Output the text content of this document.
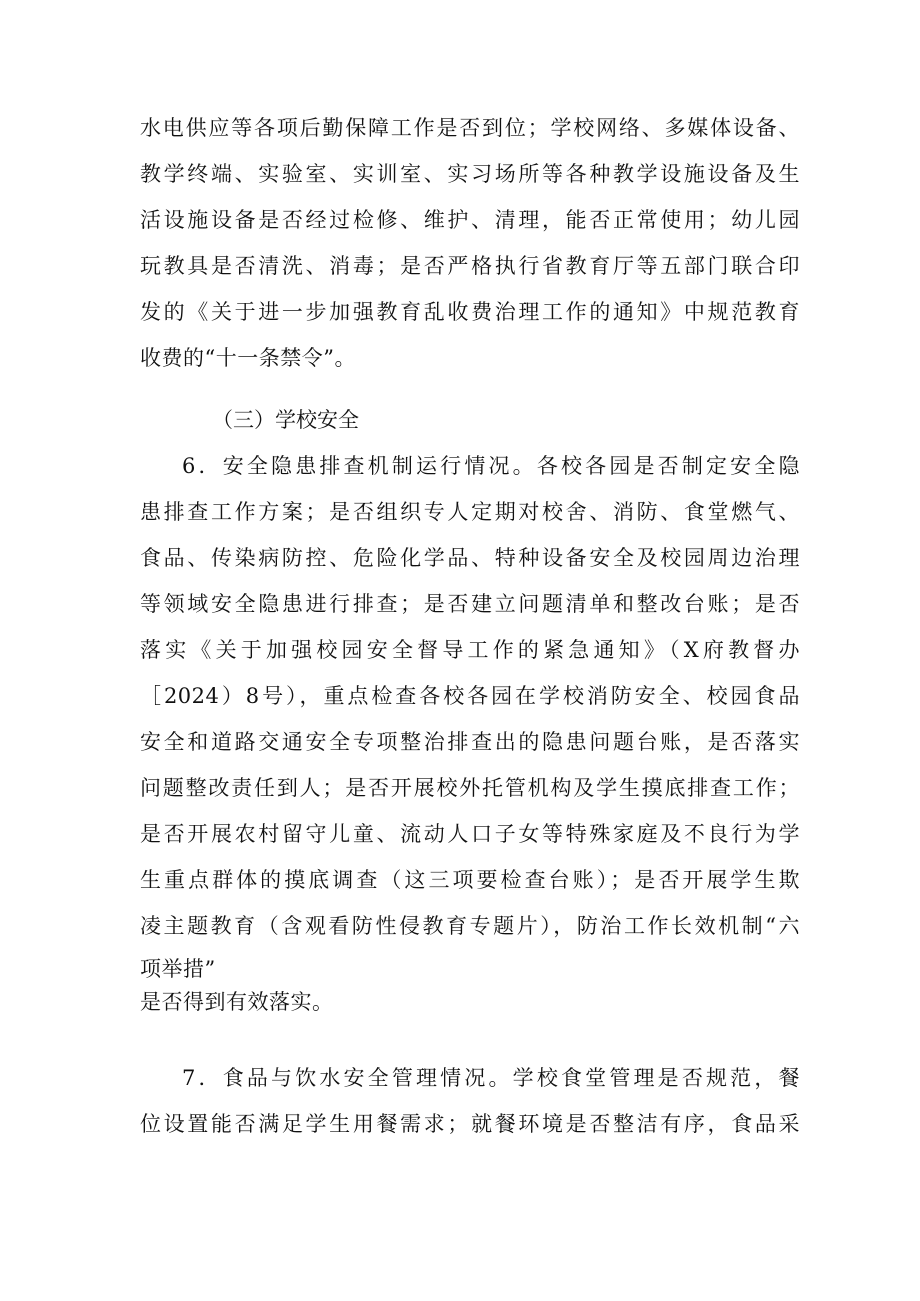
水电供应等各项后勤保障工作是否到位；学校网络、多媒体设备、
教学终端、实验室、实训室、实习场所等各种教学设施设备及生
活设施设备是否经过检修、维护、清理，能否正常使用；幼儿园
玩教具是否清洗、消毒；是否严格执行省教育厅等五部门联合印
发的《关于进一步加强教育乱收费治理工作的通知》中规范教育
收费的“十一条禁令”。
（三）学校安全
6．安全隐患排查机制运行情况。各校各园是否制定安全隐
患排查工作方案；是否组织专人定期对校舍、消防、食堂燃气、
食品、传染病防控、危险化学品、特种设备安全及校园周边治理
等领域安全隐患进行排查；是否建立问题清单和整改台账；是否
落实《关于加强校园安全督导工作的紧急通知》（X府教督办
［2024）8号），重点检查各校各园在学校消防安全、校园食品
安全和道路交通安全专项整治排查出的隐患问题台账，是否落实
问题整改责任到人；是否开展校外托管机构及学生摸底排查工作；
是否开展农村留守儿童、流动人口子女等特殊家庭及不良行为学
生重点群体的摸底调查（这三项要检查台账）；是否开展学生欺
凌主题教育（含观看防性侵教育专题片），防治工作长效机制“六
项举措”
是否得到有效落实。
7．食品与饮水安全管理情况。学校食堂管理是否规范，餐
位设置能否满足学生用餐需求；就餐环境是否整洁有序，食品采
